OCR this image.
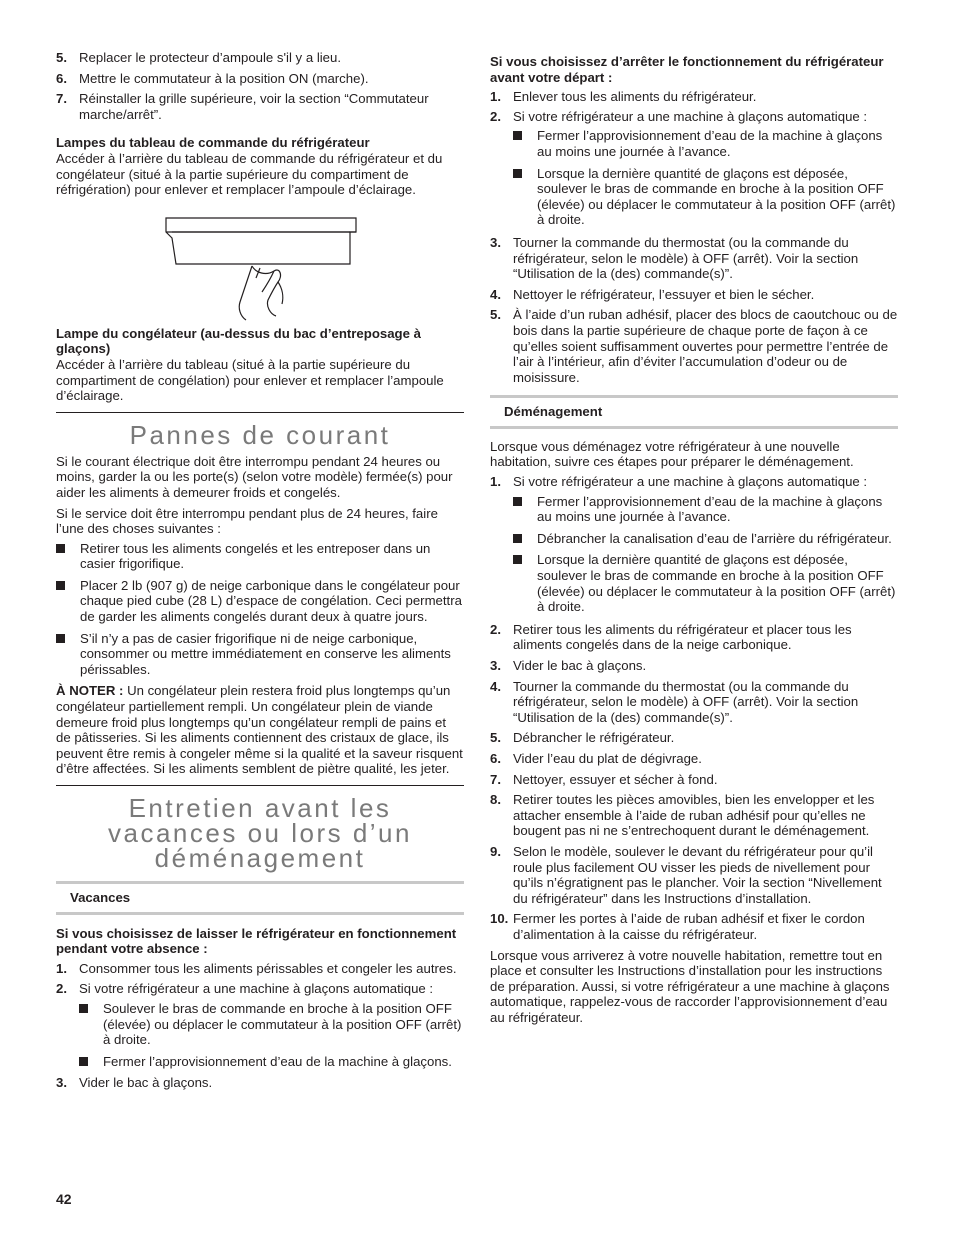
5. Replacer le protecteur d’ampoule s'il y a lieu.

6. Mettre le commutateur à la position ON (marche).

7. Réinstaller la grille supérieure, voir la section “Commutateur marche/arrêt”.

Lampes du tableau de commande du réfrigérateur

Accéder à l’arrière du tableau de commande du réfrigérateur et du congélateur (situé à la partie supérieure du compartiment de réfrigération) pour enlever et remplacer l’ampoule d’éclairage.

Lampe du congélateur (au-dessus du bac d’entreposage à glaçons)

Accéder à l’arrière du tableau (situé à la partie supérieure du compartiment de congélation) pour enlever et remplacer l’ampoule d’éclairage.

Pannes de courant

Si le courant électrique doit être interrompu pendant 24 heures ou moins, garder la ou les porte(s) (selon votre modèle) fermée(s) pour aider les aliments à demeurer froids et congelés.

Si le service doit être interrompu pendant plus de 24 heures, faire l’une des choses suivantes :

Retirer tous les aliments congelés et les entreposer dans un casier frigorifique.

Placer 2 lb (907 g) de neige carbonique dans le congélateur pour chaque pied cube (28 L) d’espace de congélation. Ceci permettra de garder les aliments congelés durant deux à quatre jours.

S’il n’y a pas de casier frigorifique ni de neige carbonique, consommer ou mettre immédiatement en conserve les aliments périssables.

À NOTER : Un congélateur plein restera froid plus longtemps qu’un congélateur partiellement rempli. Un congélateur plein de viande demeure froid plus longtemps qu’un congélateur rempli de pains et de pâtisseries. Si les aliments contiennent des cristaux de glace, ils peuvent être remis à congeler même si la qualité et la saveur risquent d’être affectées. Si les aliments semblent de piètre qualité, les jeter.

Entretien avant les vacances ou lors d’un déménagement

Vacances

Si vous choisissez de laisser le réfrigérateur en fonctionnement pendant votre absence :

1. Consommer tous les aliments périssables et congeler les autres.

2. Si votre réfrigérateur a une machine à glaçons automatique :

Soulever le bras de commande en broche à la position OFF (élevée) ou déplacer le commutateur à la position OFF (arrêt) à droite.

Fermer l’approvisionnement d’eau de la machine à glaçons.

3. Vider le bac à glaçons.

Si vous choisissez d’arrêter le fonctionnement du réfrigérateur avant votre départ :

1. Enlever tous les aliments du réfrigérateur.

2. Si votre réfrigérateur a une machine à glaçons automatique :

Fermer l’approvisionnement d’eau de la machine à glaçons au moins une journée à l’avance.

Lorsque la dernière quantité de glaçons est déposée, soulever le bras de commande en broche à la position OFF (élevée) ou déplacer le commutateur à la position OFF (arrêt) à droite.

3. Tourner la commande du thermostat (ou la commande du réfrigérateur, selon le modèle) à OFF (arrêt). Voir la section “Utilisation de la (des) commande(s)”.

4. Nettoyer le réfrigérateur, l’essuyer et bien le sécher.

5. À l’aide d’un ruban adhésif, placer des blocs de caoutchouc ou de bois dans la partie supérieure de chaque porte de façon à ce qu’elles soient suffisamment ouvertes pour permettre l’entrée de l’air à l’intérieur, afin d’éviter l’accumulation d’odeur ou de moisissure.

Déménagement

Lorsque vous déménagez votre réfrigérateur à une nouvelle habitation, suivre ces étapes pour préparer le déménagement.

1. Si votre réfrigérateur a une machine à glaçons automatique :

Fermer l’approvisionnement d’eau de la machine à glaçons au moins une journée à l’avance.

Débrancher la canalisation d’eau de l’arrière du réfrigérateur.

Lorsque la dernière quantité de glaçons est déposée, soulever le bras de commande en broche à la position OFF (élevée) ou déplacer le commutateur à la position OFF (arrêt) à droite.

2. Retirer tous les aliments du réfrigérateur et placer tous les aliments congelés dans de la neige carbonique.

3. Vider le bac à glaçons.

4. Tourner la commande du thermostat (ou la commande du réfrigérateur, selon le modèle) à OFF (arrêt). Voir la section “Utilisation de la (des) commande(s)”.

5. Débrancher le réfrigérateur.

6. Vider l’eau du plat de dégivrage.

7. Nettoyer, essuyer et sécher à fond.

8. Retirer toutes les pièces amovibles, bien les envelopper et les attacher ensemble à l’aide de ruban adhésif pour qu’elles ne bougent pas ni ne s’entrechoquent durant le déménagement.

9. Selon le modèle, soulever le devant du réfrigérateur pour qu’il roule plus facilement OU visser les pieds de nivellement pour qu’ils n’égratignent pas le plancher. Voir la section “Nivellement du réfrigérateur” dans les Instructions d’installation.

10. Fermer les portes à l’aide de ruban adhésif et fixer le cordon d’alimentation à la caisse du réfrigérateur.

Lorsque vous arriverez à votre nouvelle habitation, remettre tout en place et consulter les Instructions d’installation pour les instructions de préparation. Aussi, si votre réfrigérateur a une machine à glaçons automatique, rappelez-vous de raccorder l’approvisionnement d’eau au réfrigérateur.

42
